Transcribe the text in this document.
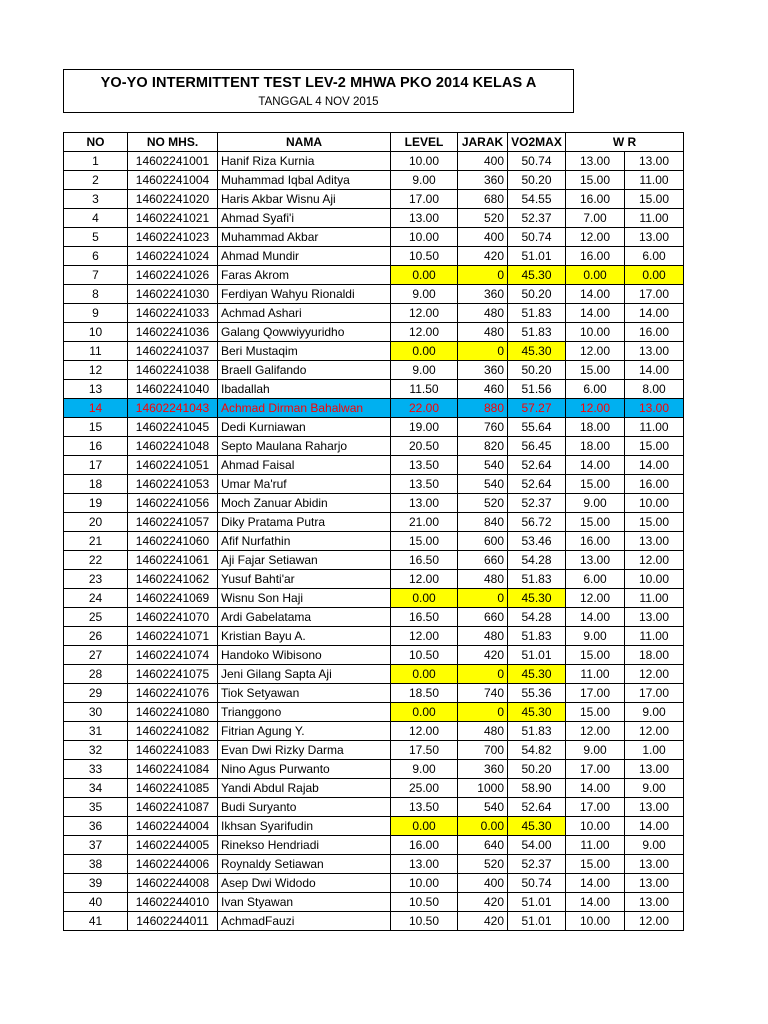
YO-YO INTERMITTENT TEST LEV-2 MHWA PKO 2014 KELAS A
TANGGAL 4 NOV 2015
NO	NO MHS.	NAMA	LEVEL	JARAK	VO2MAX	W R	
1	14602241001	Hanif Riza Kurnia	10.00	400	50.74	13.00	13.00
2	14602241004	Muhammad Iqbal Aditya	9.00	360	50.20	15.00	11.00
3	14602241020	Haris Akbar Wisnu Aji	17.00	680	54.55	16.00	15.00
4	14602241021	Ahmad Syafi'i	13.00	520	52.37	7.00	11.00
5	14602241023	Muhammad Akbar	10.00	400	50.74	12.00	13.00
6	14602241024	Ahmad Mundir	10.50	420	51.01	16.00	6.00
7	14602241026	Faras Akrom	0.00	0	45.30	0.00	0.00
8	14602241030	Ferdiyan Wahyu Rionaldi	9.00	360	50.20	14.00	17.00
9	14602241033	Achmad Ashari	12.00	480	51.83	14.00	14.00
10	14602241036	Galang Qowwiyyuridho	12.00	480	51.83	10.00	16.00
11	14602241037	Beri Mustaqim	0.00	0	45.30	12.00	13.00
12	14602241038	Braell Galifando	9.00	360	50.20	15.00	14.00
13	14602241040	Ibadallah	11.50	460	51.56	6.00	8.00
14	14602241043	Achmad Dirman Bahalwan	22.00	880	57.27	12.00	13.00
15	14602241045	Dedi Kurniawan	19.00	760	55.64	18.00	11.00
16	14602241048	Septo Maulana Raharjo	20.50	820	56.45	18.00	15.00
17	14602241051	Ahmad Faisal	13.50	540	52.64	14.00	14.00
18	14602241053	Umar Ma'ruf	13.50	540	52.64	15.00	16.00
19	14602241056	Moch Zanuar Abidin	13.00	520	52.37	9.00	10.00
20	14602241057	Diky Pratama Putra	21.00	840	56.72	15.00	15.00
21	14602241060	Afif Nurfathin	15.00	600	53.46	16.00	13.00
22	14602241061	Aji Fajar Setiawan	16.50	660	54.28	13.00	12.00
23	14602241062	Yusuf Bahti'ar	12.00	480	51.83	6.00	10.00
24	14602241069	Wisnu Son Haji	0.00	0	45.30	12.00	11.00
25	14602241070	Ardi Gabelatama	16.50	660	54.28	14.00	13.00
26	14602241071	Kristian Bayu A.	12.00	480	51.83	9.00	11.00
27	14602241074	Handoko Wibisono	10.50	420	51.01	15.00	18.00
28	14602241075	Jeni Gilang Sapta Aji	0.00	0	45.30	11.00	12.00
29	14602241076	Tiok Setyawan	18.50	740	55.36	17.00	17.00
30	14602241080	Trianggono	0.00	0	45.30	15.00	9.00
31	14602241082	Fitrian Agung Y.	12.00	480	51.83	12.00	12.00
32	14602241083	Evan Dwi Rizky Darma	17.50	700	54.82	9.00	1.00
33	14602241084	Nino Agus Purwanto	9.00	360	50.20	17.00	13.00
34	14602241085	Yandi Abdul Rajab	25.00	1000	58.90	14.00	9.00
35	14602241087	Budi Suryanto	13.50	540	52.64	17.00	13.00
36	14602244004	Ikhsan Syarifudin	0.00	0.00	45.30	10.00	14.00
37	14602244005	Rinekso Hendriadi	16.00	640	54.00	11.00	9.00
38	14602244006	Roynaldy Setiawan	13.00	520	52.37	15.00	13.00
39	14602244008	Asep Dwi Widodo	10.00	400	50.74	14.00	13.00
40	14602244010	Ivan Styawan	10.50	420	51.01	14.00	13.00
41	14602244011	AchmadFauzi	10.50	420	51.01	10.00	12.00
